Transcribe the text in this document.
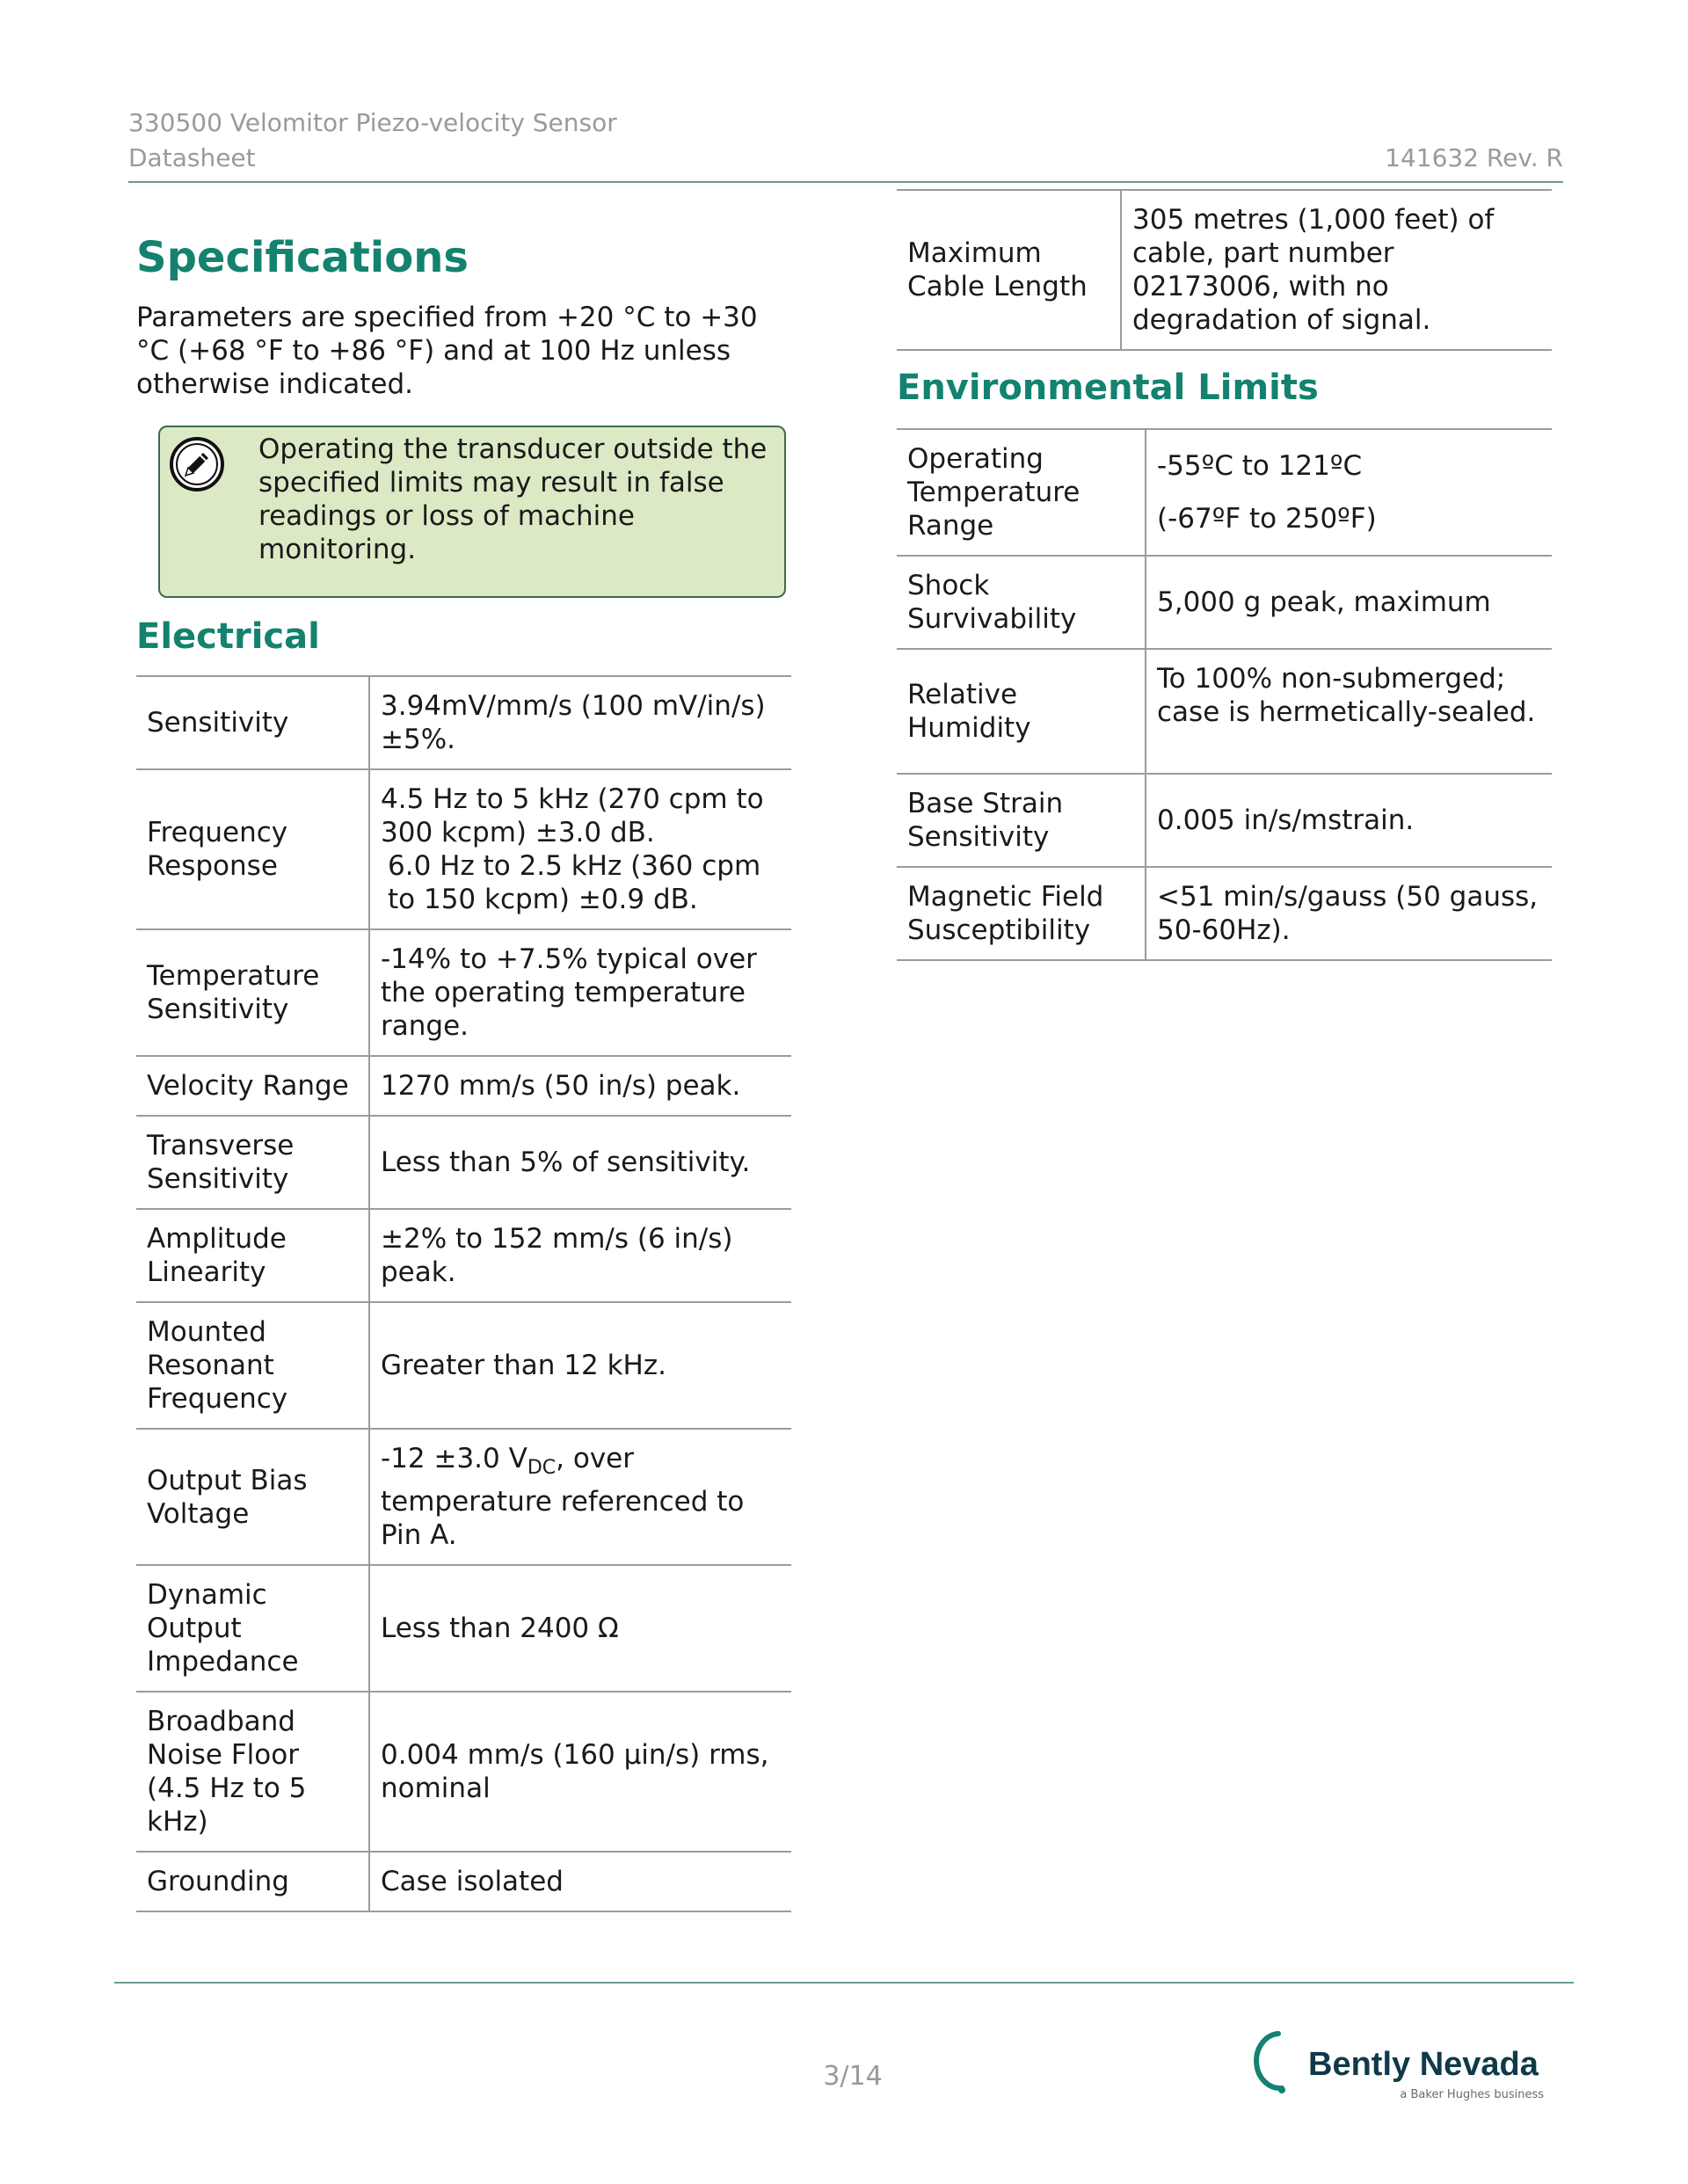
330500 Velomitor Piezo-velocity Sensor
Datasheet	141632 Rev. R
Specifications

Parameters are specified from +20 °C to +30 °C (+68 °F to +86 °F) and at 100 Hz unless otherwise indicated.

Operating the transducer outside the specified limits may result in false readings or loss of machine monitoring.
Electrical
Sensitivity	3.94mV/mm/s (100 mV/in/s) ±5%.
Frequency Response	4.5 Hz to 5 kHz (270 cpm to 300 kcpm) ±3.0 dB.
6.0 Hz to 2.5 kHz (360 cpm to 150 kcpm) ±0.9 dB.

Temperature Sensitivity	-14% to +7.5% typical over the operating temperature range.
Velocity Range	1270 mm/s (50 in/s) peak.
Transverse Sensitivity	Less than 5% of sensitivity.
Amplitude Linearity	±2% to 152 mm/s (6 in/s) peak.
Mounted Resonant Frequency	Greater than 12 kHz.
Output Bias Voltage	-12 ±3.0 $V_{DC}$, over temperature referenced to Pin A.
Dynamic Output Impedance	Less than 2400 Ω
Broadband Noise Floor (4.5 Hz to 5 kHz)	0.004 mm/s (160 µin/s) rms, nominal
Grounding	Case isolated
Maximum Cable Length	305 metres (1,000 feet) of cable, part number 02173006, with no degradation of signal.
Environmental Limits
Operating Temperature Range	-55ºC to 121ºC
(-67ºF to 250ºF)

Shock Survivability	5,000 g peak, maximum
Relative Humidity	To 100% non-submerged; case is hermetically-sealed.
Base Strain Sensitivity	0.005 in/s/mstrain.
Magnetic Field Susceptibility	<51 min/s/gauss (50 gauss, 50-60Hz).
3/14	Bently Nevada
a Baker Hughes business
